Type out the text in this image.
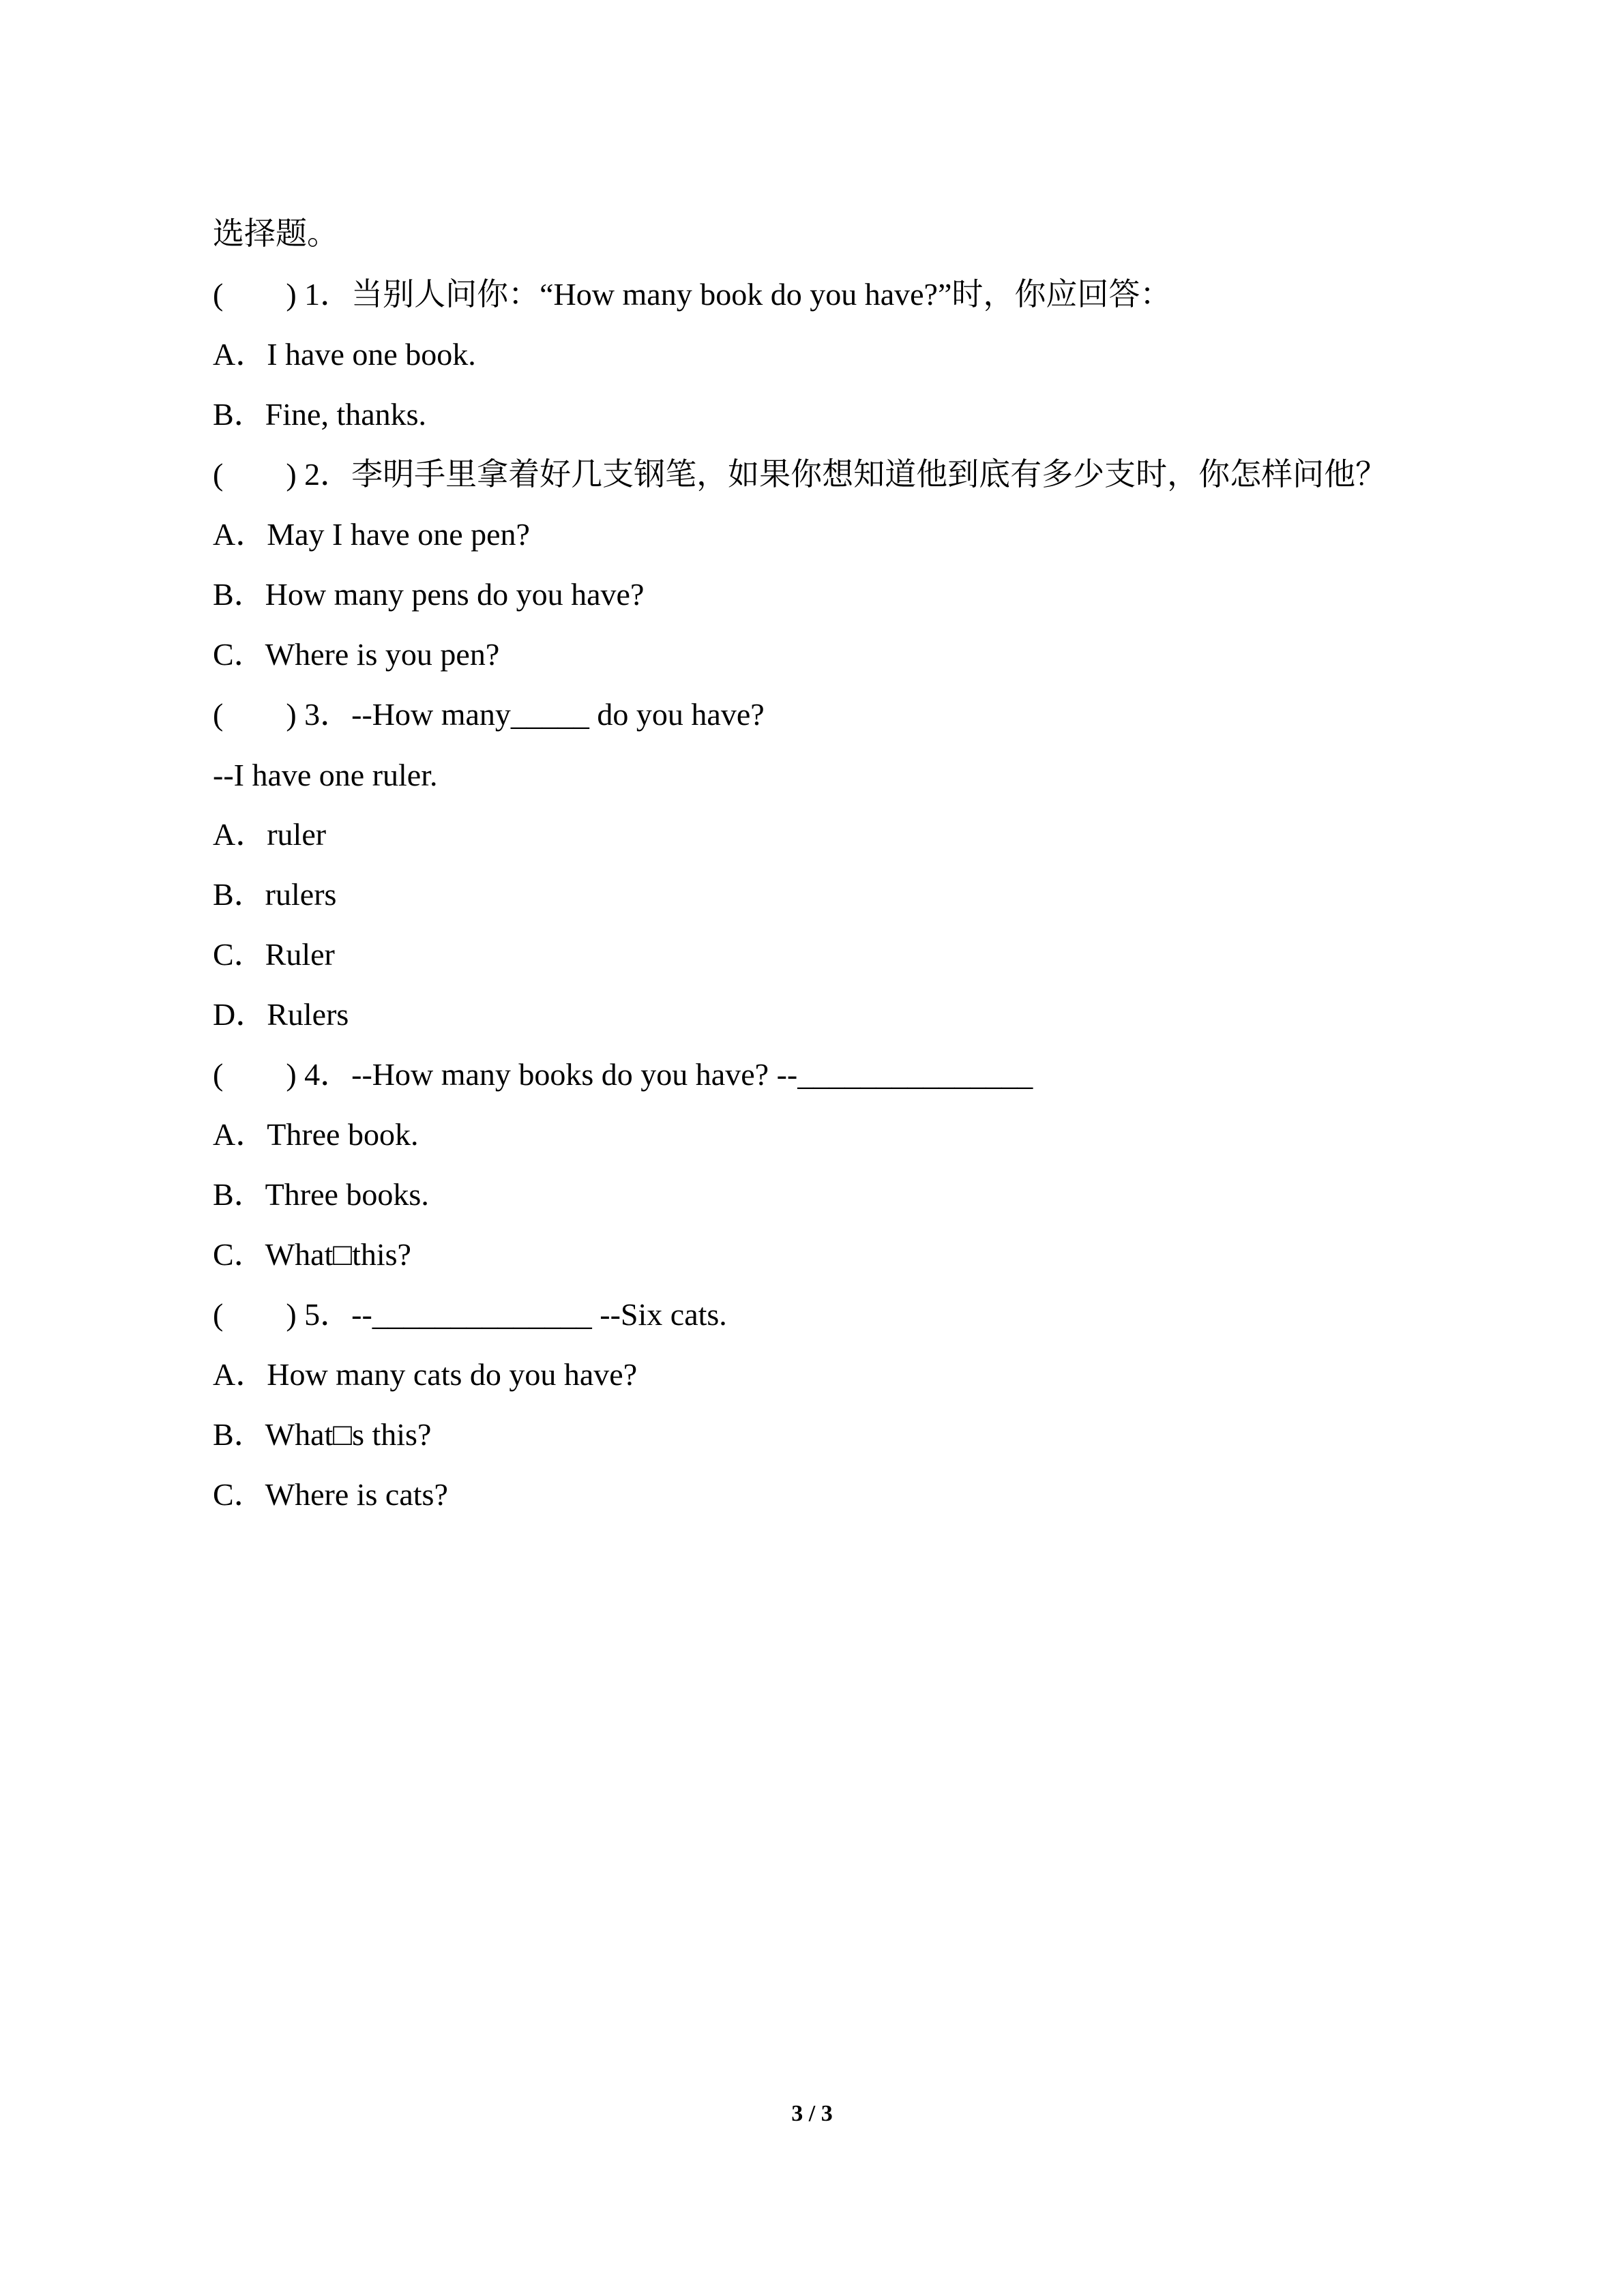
选择题。
(        ) 1．当别人问你：“How many book do you have?”时，你应回答：
A．I have one book.
B．Fine, thanks.
(        ) 2．李明手里拿着好几支钢笔，如果你想知道他到底有多少支时，你怎样问他？
A．May I have one pen?
B．How many pens do you have?
C．Where is you pen?
(        ) 3．--How many_____ do you have?
--I have one ruler.
A．ruler
B．rulers
C．Ruler
D．Rulers
(        ) 4．--How many books do you have? --_______________
A．Three book.
B．Three books.
C．What□this?
(        ) 5．--______________ --Six cats.
A．How many cats do you have?
B．What□s this?
C．Where is cats?
3 / 3
